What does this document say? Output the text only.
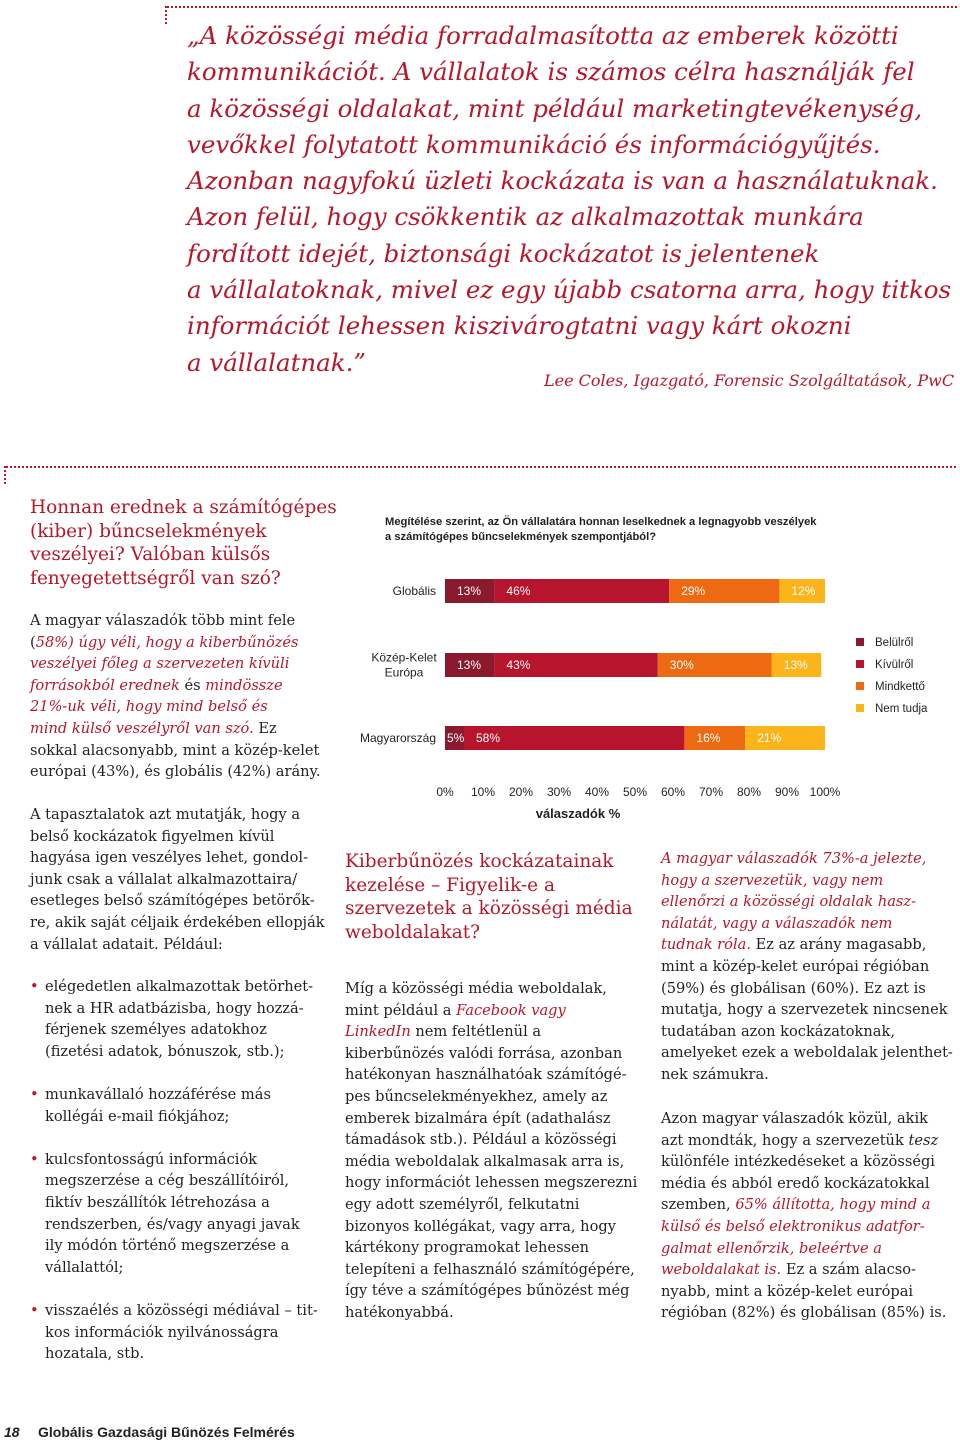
„A közösségi média forradalmasította az emberek közötti
kommunikációt. A vállalatok is számos célra használják fel
a közösségi oldalakat, mint például marketingtevékenység,
vevőkkel folytatott kommunikáció és információgyűjtés.
Azonban nagyfokú üzleti kockázata is van a használatuknak.
Azon felül, hogy csökkentik az alkalmazottak munkára
fordított idejét, biztonsági kockázatot is jelentenek
a vállalatoknak, mivel ez egy újabb csatorna arra, hogy titkos
információt lehessen kiszivárogtatni vagy kárt okozni
a vállalatnak.”
Lee Coles, Igazgató, Forensic Szolgáltatások, PwC
Honnan erednek a számítógépes
(kiber) bűncselekmények
veszélyei? Valóban külsős
fenyegetettségről van szó?
A magyar válaszadók több mint fele
(58%) úgy véli, hogy a kiberbűnözés
veszélyei főleg a szervezeten kívüli
forrásokból erednek és mindössze
21%-uk véli, hogy mind belső és
mind külső veszélyről van szó. Ez
sokkal alacsonyabb, mint a közép-kelet
európai (43%), és globális (42%) arány.
A tapasztalatok azt mutatják, hogy a
belső kockázatok figyelmen kívül
hagyása igen veszélyes lehet, gondol-
junk csak a vállalat alkalmazottaira/
esetleges belső számítógépes betörők-
re, akik saját céljaik érdekében ellopják
a vállalat adatait. Például:
• elégedetlen alkalmazottak betörhet-
nek a HR adatbázisba, hogy hozzá-
férjenek személyes adatokhoz
(fizetési adatok, bónuszok, stb.);
• munkavállaló hozzáférése más
kollégái e-mail fiókjához;
• kulcsfontosságú információk
megszerzése a cég beszállítóiról,
fiktív beszállítók létrehozása a
rendszerben, és/vagy anyagi javak
ily módón történő megszerzése a
vállalattól;
• visszaélés a közösségi médiával – tit-
kos információk nyilvánosságra
hozatala, stb.
Megítélése szerint, az Ön vállalatára honnan leselkednek a legnagyobb veszélyek
a számítógépes bűncselekmények szempontjából?
Globális 13% 46%	29%	12%
Közép-Kelet
Európa
13% 43%	30%	13%
Magyarország 5% 58%	16%	21%
0% 10% 20% 30% 40% 50% 60% 70% 80% 90% 100%
válaszadók %
Belülről
Kívülről
Mindkettő
Nem tudja
Kiberbűnözés kockázatainak
kezelése – Figyelik-e a
szervezetek a közösségi média
weboldalakat?
Míg a közösségi média weboldalak,
mint például a Facebook vagy
LinkedIn nem feltétlenül a
kiberbűnözés valódi forrása, azonban
hatékonyan használhatóak számítógé-
pes bűncselekményekhez, amely az
emberek bizalmára épít (adathalász
támadások stb.). Például a közösségi
média weboldalak alkalmasak arra is,
hogy információt lehessen megszerezni
egy adott személyről, felkutatni
bizonyos kollégákat, vagy arra, hogy
kártékony programokat lehessen
telepíteni a felhasználó számítógépére,
így téve a számítógépes bűnözést még
hatékonyabbá.
A magyar válaszadók 73%-a jelezte,
hogy a szervezetük, vagy nem
ellenőrzi a közösségi oldalak hasz-
nálatát, vagy a válaszadók nem
tudnak róla. Ez az arány magasabb,
mint a közép-kelet európai régióban
(59%) és globálisan (60%). Ez azt is
mutatja, hogy a szervezetek nincsenek
tudatában azon kockázatoknak,
amelyeket ezek a weboldalak jelenthet-
nek számukra.
Azon magyar válaszadók közül, akik
azt mondták, hogy a szervezetük tesz
különféle intézkedéseket a közösségi
média és abból eredő kockázatokkal
szemben, 65% állította, hogy mind a
külső és belső elektronikus adatfor-
galmat ellenőrzik, beleértve a
weboldalakat is. Ez a szám alacso-
nyabb, mint a közép-kelet európai
régióban (82%) és globálisan (85%) is.
18 Globális Gazdasági Bűnözés Felmérés
